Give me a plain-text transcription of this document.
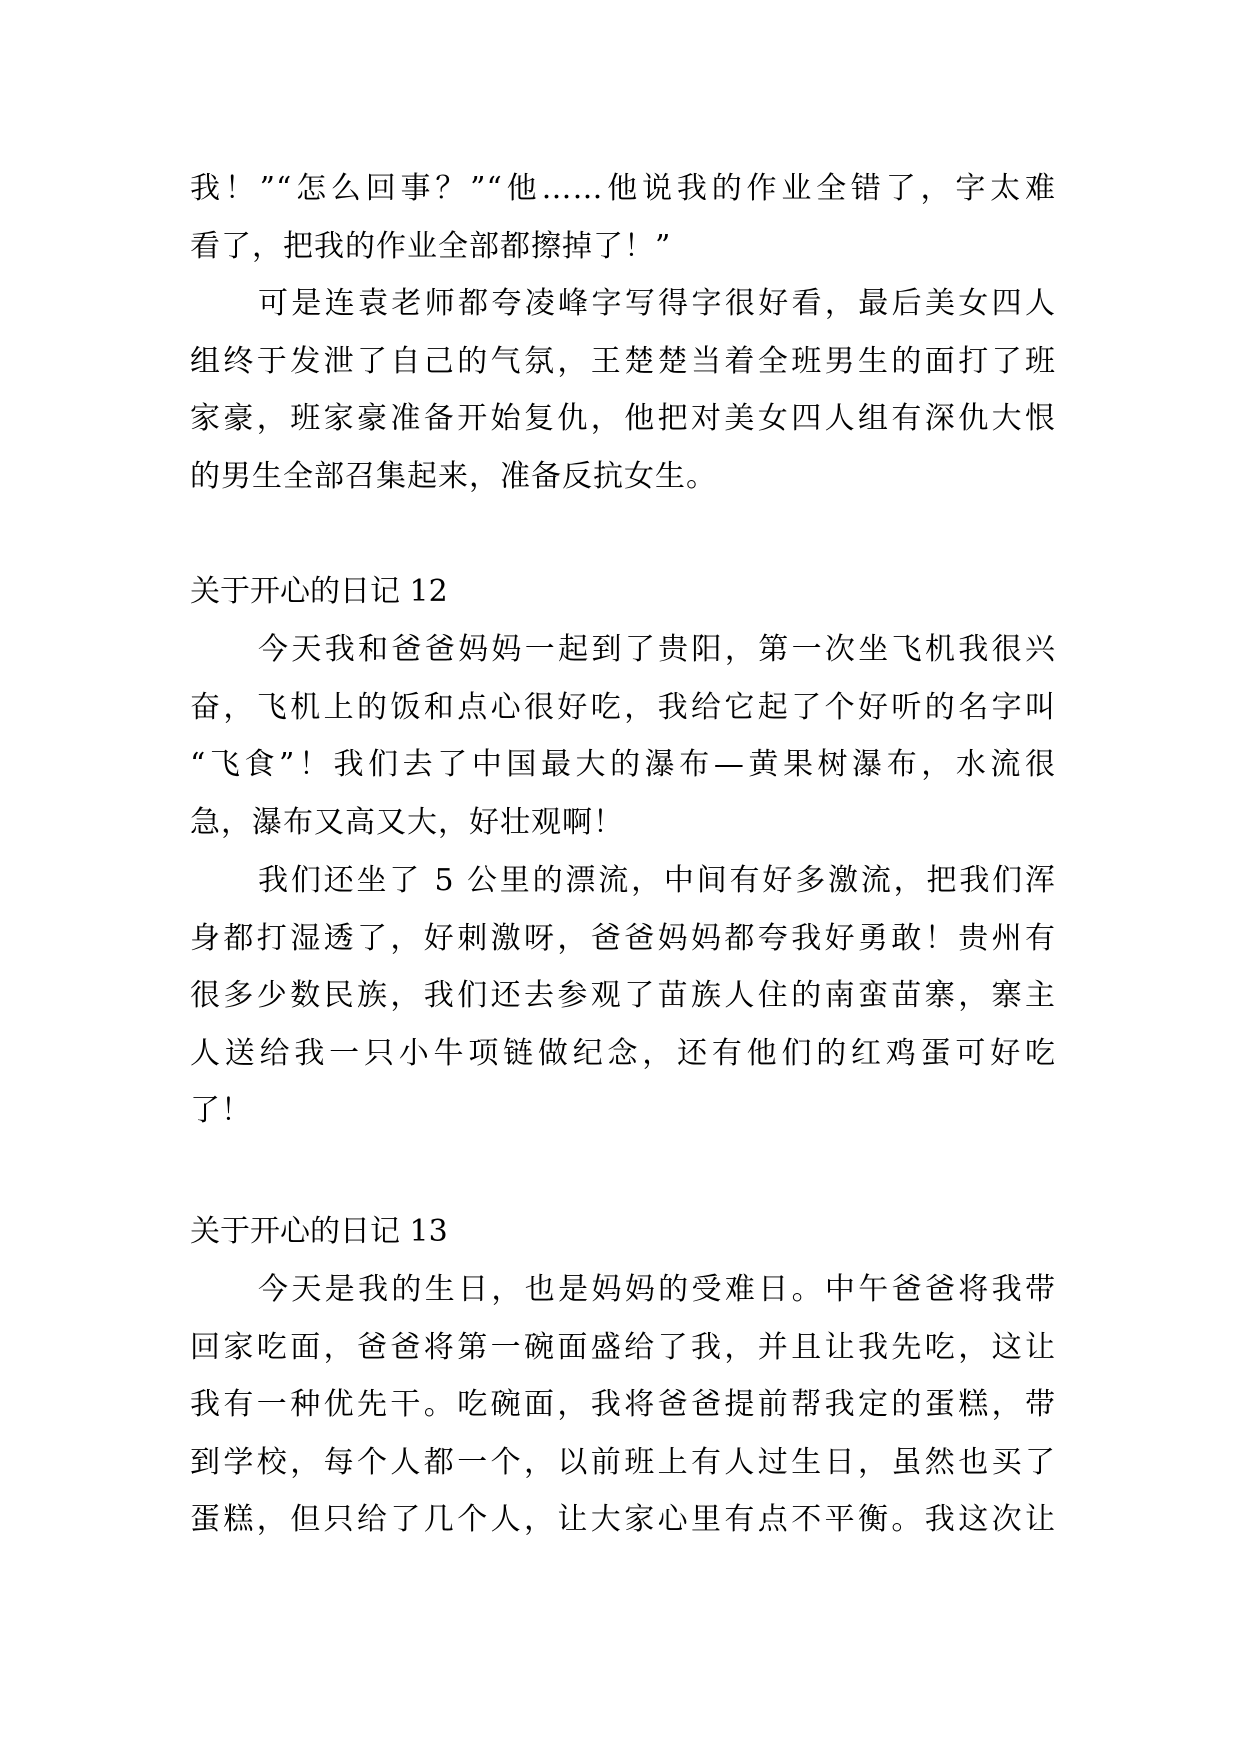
我！”“怎么回事？”“他……他说我的作业全错了，字太难
看了，把我的作业全部都擦掉了！”
可是连袁老师都夸凌峰字写得字很好看，最后美女四人
组终于发泄了自己的气氛，王楚楚当着全班男生的面打了班
家豪，班家豪准备开始复仇，他把对美女四人组有深仇大恨
的男生全部召集起来，准备反抗女生。
关于开心的日记 12
今天我和爸爸妈妈一起到了贵阳，第一次坐飞机我很兴
奋，飞机上的饭和点心很好吃，我给它起了个好听的名字叫
“飞食”！我们去了中国最大的瀑布—黄果树瀑布，水流很
急，瀑布又高又大，好壮观啊！
我们还坐了 5 公里的漂流，中间有好多激流，把我们浑
身都打湿透了，好刺激呀，爸爸妈妈都夸我好勇敢！贵州有
很多少数民族，我们还去参观了苗族人住的南蛮苗寨，寨主
人送给我一只小牛项链做纪念，还有他们的红鸡蛋可好吃
了！
关于开心的日记 13
今天是我的生日，也是妈妈的受难日。中午爸爸将我带
回家吃面，爸爸将第一碗面盛给了我，并且让我先吃，这让
我有一种优先干。吃碗面，我将爸爸提前帮我定的蛋糕，带
到学校，每个人都一个，以前班上有人过生日，虽然也买了
蛋糕，但只给了几个人，让大家心里有点不平衡。我这次让
